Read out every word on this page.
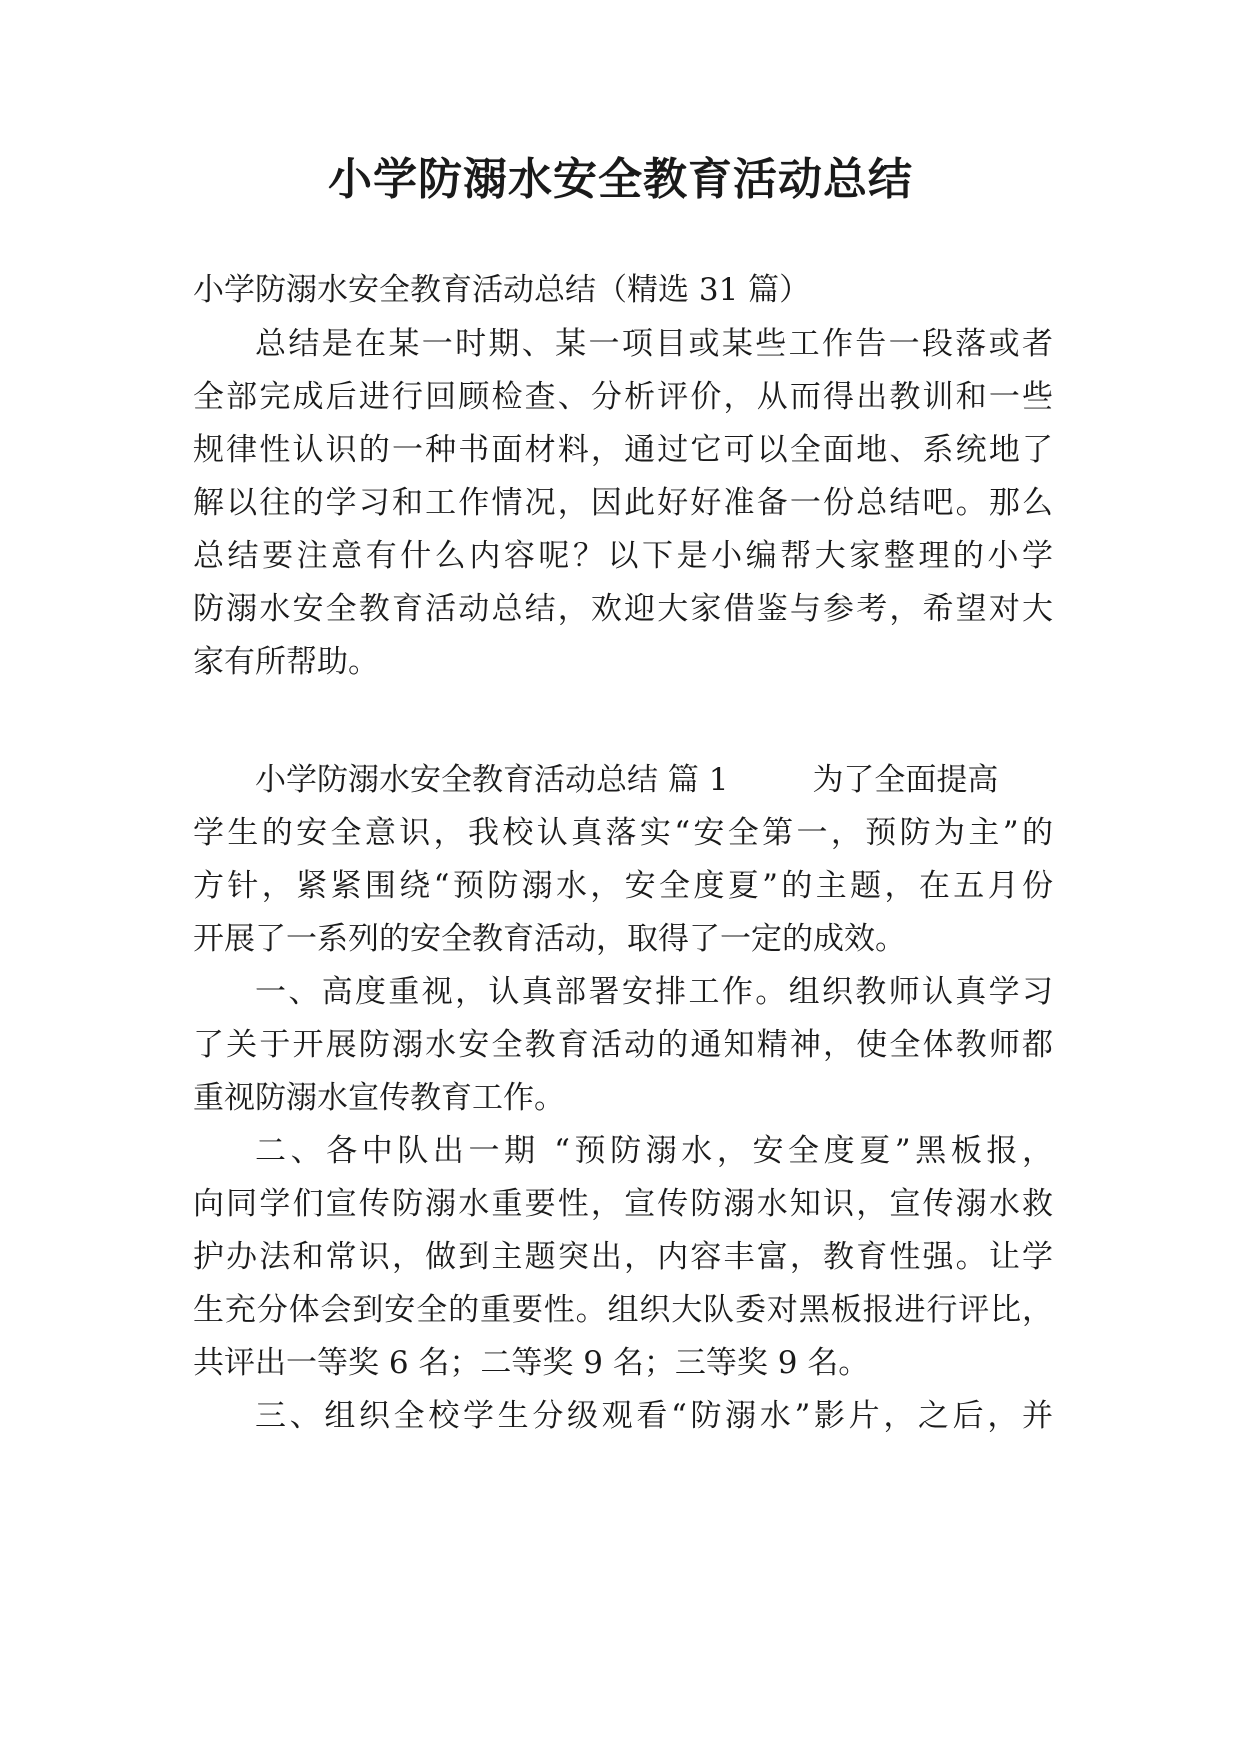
小学防溺水安全教育活动总结

小学防溺水安全教育活动总结（精选 31 篇）

总结是在某一时期、某一项目或某些工作告一段落或者

全部完成后进行回顾检查、分析评价，从而得出教训和一些

规律性认识的一种书面材料，通过它可以全面地、系统地了

解以往的学习和工作情况，因此好好准备一份总结吧。那么

总结要注意有什么内容呢？以下是小编帮大家整理的小学

防溺水安全教育活动总结，欢迎大家借鉴与参考，希望对大

家有所帮助。

小学防溺水安全教育活动总结 篇 1	为了全面提高

学生的安全意识，我校认真落实“安全第一，预防为主”的

方针，紧紧围绕“预防溺水，安全度夏”的主题，在五月份

开展了一系列的安全教育活动，取得了一定的成效。

一、高度重视，认真部署安排工作。组织教师认真学习

了关于开展防溺水安全教育活动的通知精神，使全体教师都

重视防溺水宣传教育工作。

二、各中队出一期 “预防溺水，安全度夏”黑板报，

向同学们宣传防溺水重要性，宣传防溺水知识，宣传溺水救

护办法和常识，做到主题突出，内容丰富，教育性强。让学

生充分体会到安全的重要性。组织大队委对黑板报进行评比，

共评出一等奖 6 名；二等奖 9 名；三等奖 9 名。

三、组织全校学生分级观看“防溺水”影片，之后，并
